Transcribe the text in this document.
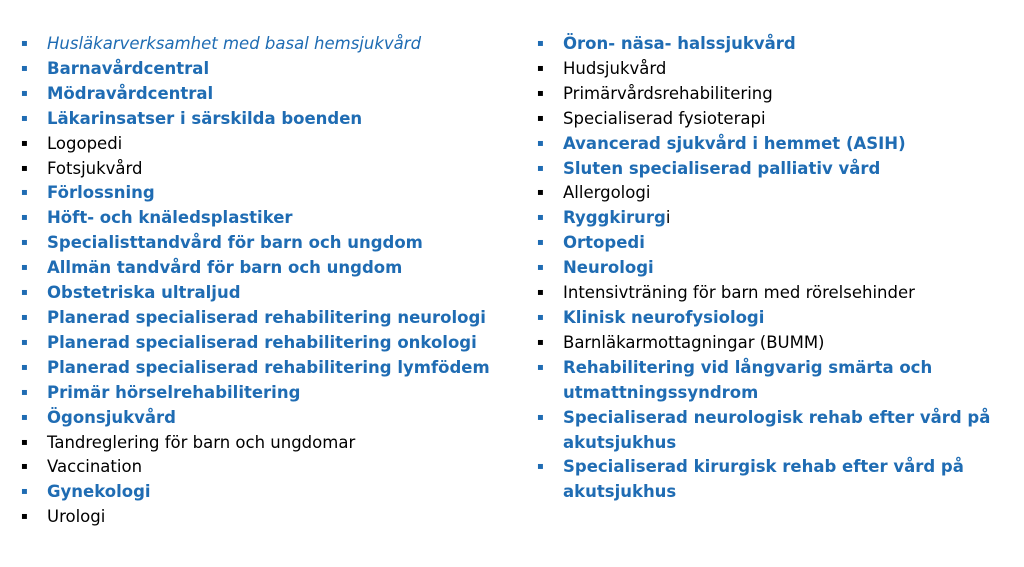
▪ Husläkarverksamhet med basal hemsjukvård
▪ Barnavårdcentral
▪ Mödravårdcentral
▪ Läkarinsatser i särskilda boenden
▪ Logopedi
▪ Fotsjukvård
▪ Förlossning
▪ Höft- och knäledsplastiker
▪ Specialisttandvård för barn och ungdom
▪ Allmän tandvård för barn och ungdom
▪ Obstetriska ultraljud
▪ Planerad specialiserad rehabilitering neurologi
▪ Planerad specialiserad rehabilitering onkologi
▪ Planerad specialiserad rehabilitering lymfödem
▪ Primär hörselrehabilitering
▪ Ögonsjukvård
▪ Tandreglering för barn och ungdomar
▪ Vaccination
▪ Gynekologi
▪ Urologi
▪ Öron- näsa- halssjukvård
▪ Hudsjukvård
▪ Primärvårdsrehabilitering
▪ Specialiserad fysioterapi
▪ Avancerad sjukvård i hemmet (ASIH)
▪ Sluten specialiserad palliativ vård
▪ Allergologi
▪ Ryggkirurgi
▪ Ortopedi
▪ Neurologi
▪ Intensivträning för barn med rörelsehinder
▪ Klinisk neurofysiologi
▪ Barnläkarmottagningar (BUMM)
▪ Rehabilitering vid långvarig smärta och utmattningssyndrom
▪ Specialiserad neurologisk rehab efter vård på akutsjukhus
▪ Specialiserad kirurgisk rehab efter vård på akutsjukhus
